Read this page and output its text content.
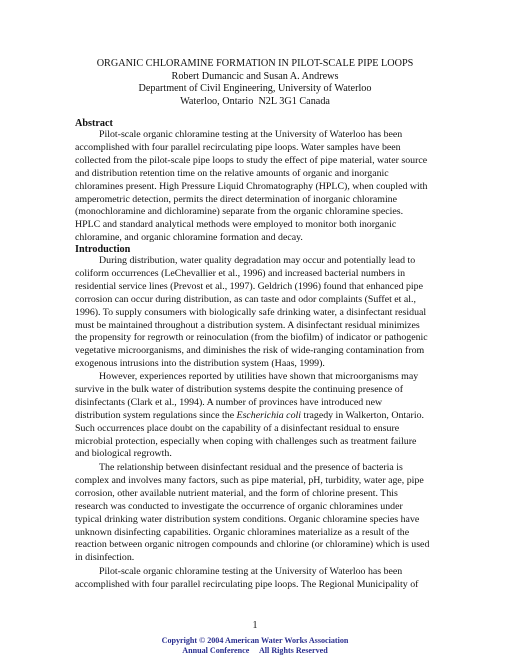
ORGANIC CHLORAMINE FORMATION IN PILOT-SCALE PIPE LOOPS
Robert Dumancic and Susan A. Andrews
Department of Civil Engineering, University of Waterloo
Waterloo, Ontario  N2L 3G1 Canada
Abstract
Pilot-scale organic chloramine testing at the University of Waterloo has been
accomplished with four parallel recirculating pipe loops. Water samples have been
collected from the pilot-scale pipe loops to study the effect of pipe material, water source
and distribution retention time on the relative amounts of organic and inorganic
chloramines present. High Pressure Liquid Chromatography (HPLC), when coupled with
amperometric detection, permits the direct determination of inorganic chloramine
(monochloramine and dichloramine) separate from the organic chloramine species.
HPLC and standard analytical methods were employed to monitor both inorganic
chloramine, and organic chloramine formation and decay.
Introduction
During distribution, water quality degradation may occur and potentially lead to
coliform occurrences (LeChevallier et al., 1996) and increased bacterial numbers in
residential service lines (Prevost et al., 1997). Geldrich (1996) found that enhanced pipe
corrosion can occur during distribution, as can taste and odor complaints (Suffet et al.,
1996). To supply consumers with biologically safe drinking water, a disinfectant residual
must be maintained throughout a distribution system. A disinfectant residual minimizes
the propensity for regrowth or reinoculation (from the biofilm) of indicator or pathogenic
vegetative microorganisms, and diminishes the risk of wide-ranging contamination from
exogenous intrusions into the distribution system (Haas, 1999).
However, experiences reported by utilities have shown that microorganisms may
survive in the bulk water of distribution systems despite the continuing presence of
disinfectants (Clark et al., 1994). A number of provinces have introduced new
distribution system regulations since the Escherichia coli tragedy in Walkerton, Ontario.
Such occurrences place doubt on the capability of a disinfectant residual to ensure
microbial protection, especially when coping with challenges such as treatment failure
and biological regrowth.
The relationship between disinfectant residual and the presence of bacteria is
complex and involves many factors, such as pipe material, pH, turbidity, water age, pipe
corrosion, other available nutrient material, and the form of chlorine present. This
research was conducted to investigate the occurrence of organic chloramines under
typical drinking water distribution system conditions. Organic chloramine species have
unknown disinfecting capabilities. Organic chloramines materialize as a result of the
reaction between organic nitrogen compounds and chlorine (or chloramine) which is used
in disinfection.
Pilot-scale organic chloramine testing at the University of Waterloo has been
accomplished with four parallel recirculating pipe loops. The Regional Municipality of
1
Copyright © 2004 American Water Works Association
Annual Conference     All Rights Reserved
